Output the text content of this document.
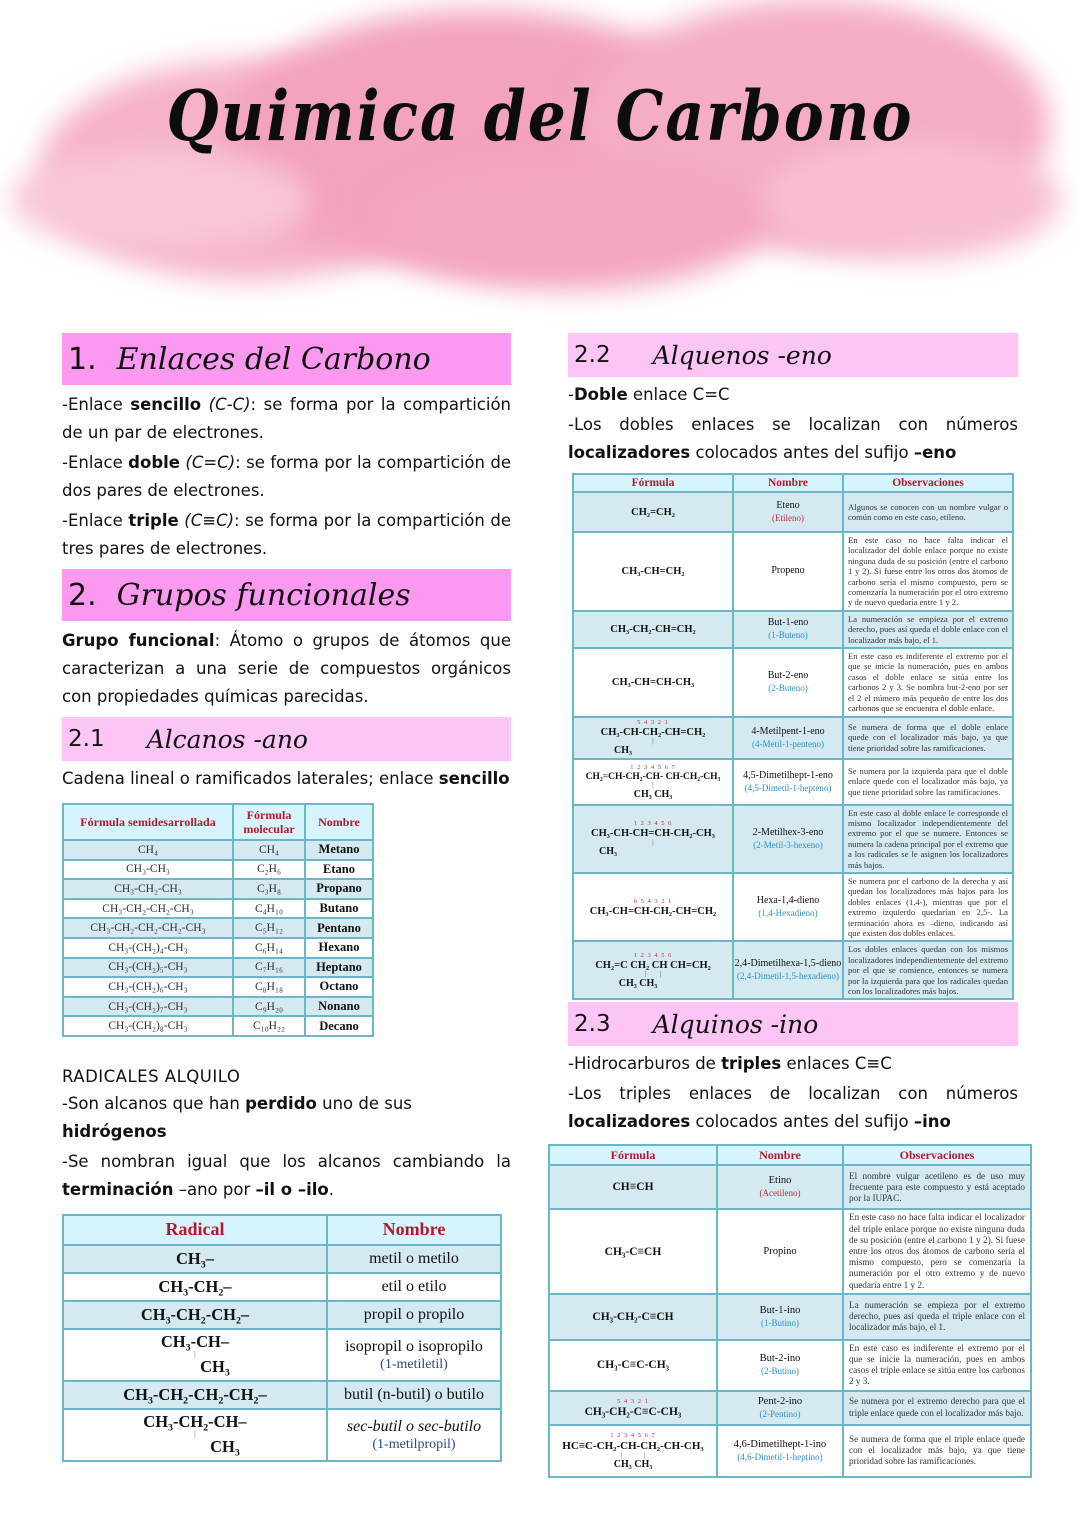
Quimica del Carbono
1. Enlaces del Carbono
-Enlace sencillo (C-C): se forma por la compartición de un par de electrones.
-Enlace doble (C=C): se forma por la compartición de dos pares de electrones.
-Enlace triple (C≡C): se forma por la compartición de tres pares de electrones.
2. Grupos funcionales
Grupo funcional: Átomo o grupos de átomos que caracterizan a una serie de compuestos orgánicos con propiedades químicas parecidas.
2.1 Alcanos -ano
Cadena lineal o ramificados laterales; enlace sencillo
Fórmula semidesarrollada	Fórmula molecular	Nombre
CH₄	CH₄	Metano
CH₃-CH₃	C₂H₆	Etano
CH₃-CH₂-CH₃	C₃H₈	Propano
CH₃-CH₂-CH₂-CH₃	C₄H₁₀	Butano
CH₃-CH₂-CH₂-CH₂-CH₃	C₅H₁₂	Pentano
CH₃-(CH₂)₄-CH₃	C₆H₁₄	Hexano
CH₃-(CH₂)₅-CH₃	C₇H₁₆	Heptano
CH₃-(CH₂)₆-CH₃	C₈H₁₈	Octano
CH₃-(CH₂)₇-CH₃	C₉H₂₀	Nonano
CH₃-(CH₂)₈-CH₃	C₁₀H₂₂	Decano
RADICALES ALQUILO
-Son alcanos que han perdido uno de sus hidrógenos
-Se nombran igual que los alcanos cambiando la terminación –ano por –il o –ilo.
Radical	Nombre
CH₃–	metil o metilo
CH₃-CH₂–	etil o etilo
CH₃-CH₂-CH₂–	propil o propilo

CH₃-CH–
|
CH₃	isopropil o isopropilo
(1-metiletil)

CH₃-CH₂-CH₂-CH₂–	butil (n-butil) o butilo

CH₃-CH₂-CH–
|
CH₃	sec-butil o sec-butilo
(1-metilpropil)
2.2 Alquenos -eno
-Doble enlace C=C
-Los dobles enlaces se localizan con números localizadores colocados antes del sufijo –eno
Fórmula	Nombre	Observaciones
CH₂=CH₂	Eteno
(Etileno)	Algunos se conocen con un nombre vulgar o común como en este caso, etileno.
CH₃-CH=CH₂	Propeno	En este caso no hace falta indicar el localizador del doble enlace porque no existe ninguna duda de su posición (entre el carbono 1 y 2). Si fuese entre los otros dos átomos de carbono sería el mismo compuesto, pero se comenzaría la numeración por el otro extremo y de nuevo quedaría entre 1 y 2.
CH₃-CH₂-CH=CH₂	But-1-eno
(1-Buteno)	La numeración se empieza por el extremo derecho, pues así queda el doble enlace con el localizador más bajo, el 1.
CH₃-CH=CH-CH₃	But-2-eno
(2-Buteno)	En este caso es indiferente el extremo por el que se inicie la numeración, pues en ambos casos el doble enlace se sitúa entre los carbonos 2 y 3. Se nombra but-2-eno por ser el 2 el número más pequeño de entre los dos carbonos que se encuentra el doble enlace.

5 4 3 2 1
CH₃-CH-CH₂-CH=CH₂
|
CH₃	4-Metilpent-1-eno
(4-Metil-1-penteno)	Se numera de forma que el doble enlace quede con el localizador más bajo, ya que tiene prioridad sobre las ramificaciones.

1 2 3 4 5 6 7
CH₂=CH-CH₂-CH- CH-CH₂-CH₃
|
CH₃ CH₃	4,5-Dimetilhept-1-eno
(4,5-Dimetil-1-hepteno)	Se numera por la izquierda para que el doble enlace quede con el localizador más bajo, ya que tiene prioridad sobre las ramificaciones.

1 2 3 4 5 6
CH₃-CH-CH=CH-CH₂-CH₃
|
CH₃

2-Metilhex-3-eno
(2-Metil-3-hexeno)
	En este caso al doble enlace le corresponde el mismo localizador independientemente del extremo por el que se numere. Entonces se numera la cadena principal por el extremo que a los radicales se le asignen los localizadores más bajos.

6 5 4 3 2 1
CH₃-CH=CH-CH₂-CH=CH₂	Hexa-1,4-dieno
(1,4-Hexadieno)	Se numera por el carbono de la derecha y así quedan los localizadores más bajos para los dobles enlaces (1,4-), mientras que por el extremo izquierdo quedarían en 2,5-. La terminación ahora es –dieno, indicando así que existen dos dobles enlaces.

1 2 3 4 5 6
CH₂=C CH₂ CH CH=CH₂
|        |
CH₃ CH₃

2,4-Dimetilhexa-1,5-dieno
(2,4-Dimetil-1,5-hexadieno)
	Los dobles enlaces quedan con los mismos localizadores independientemente del extremo por el que se comience, entonces se numera por la izquierda para que los radicales quedan con los localizadores más bajos.
2.3 Alquinos -ino
-Hidrocarburos de triples enlaces C≡C
-Los triples enlaces de localizan con números localizadores colocados antes del sufijo –ino
Fórmula	Nombre	Observaciones
CH≡CH	Etino
(Acetileno)	El nombre vulgar acetileno es de uso muy frecuente para este compuesto y está aceptado por la IUPAC.
CH₃-C≡CH	Propino	En este caso no hace falta indicar el localizador del triple enlace porque no existe ninguna duda de su posición (entre el carbono 1 y 2). Si fuese entre los otros dos átomos de carbono sería el mismo compuesto, pero se comenzaría la numeración por el otro extremo y de nuevo quedaría entre 1 y 2.
CH₃-CH₂-C≡CH	But-1-ino
(1-Butino)	La numeración se empieza por el extremo derecho, pues así queda el triple enlace con el localizador más bajo, el 1.
CH₃-C≡C-CH₃	But-2-ino
(2-Butino)	En este caso es indiferente el extremo por el que se inicie la numeración, pues en ambos casos el triple enlace se sitúa entre los carbonos 2 y 3.

5 4 3 2 1
CH₃-CH₂-C≡C-CH₃	Pent-2-ino
(2-Pentino)	Se numera por el extremo derecho para que el triple enlace quede con el localizador más bajo.

1 2 3 4 5 6 7
HC≡C-CH₂-CH-CH₂-CH-CH₃
|            |
CH₃ CH₃	4,6-Dimetilhept-1-ino
(4,6-Dimetil-1-heptino)	Se numera de forma que el triple enlace quede con el localizador más bajo, ya que tiene prioridad sobre las ramificaciones.
